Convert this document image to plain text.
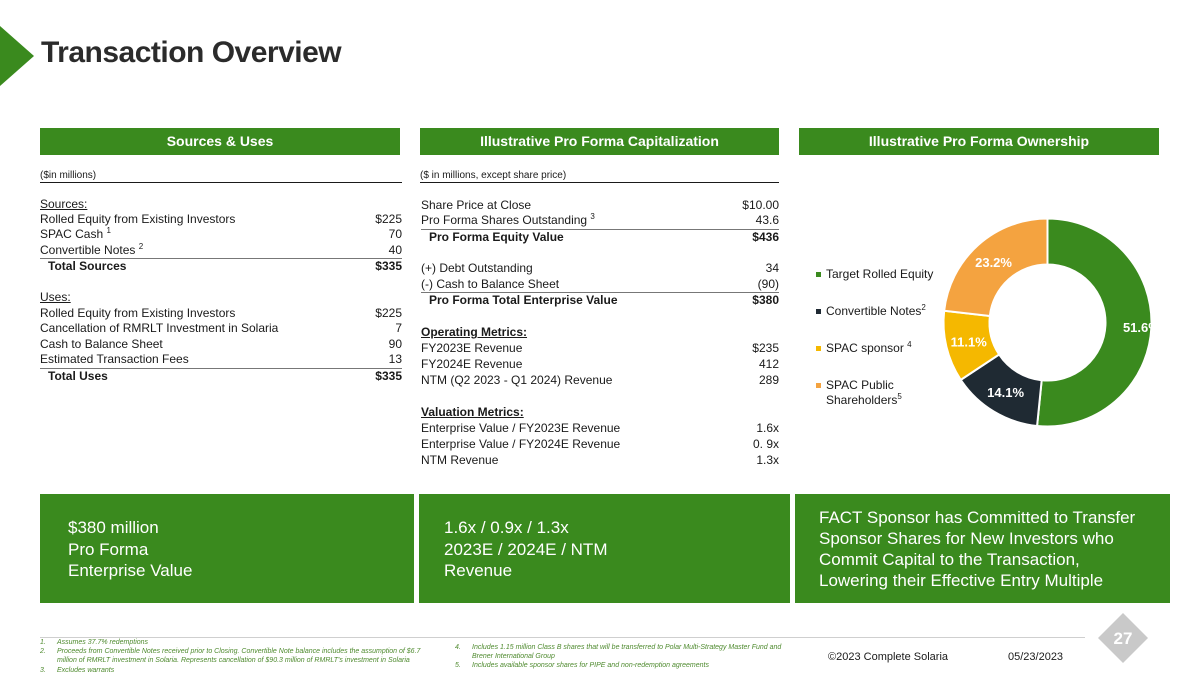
Transaction Overview
Sources & Uses	Illustrative Pro Forma Capitalization	Illustrative Pro Forma Ownership
($in millions)
Sources:
Rolled Equity from Existing Investors	$225
SPAC Cash $^1$	70
Convertible Notes $^2$	40
Total Sources	$335
Uses:
Rolled Equity from Existing Investors	$225
Cancellation of RMRLT Investment in Solaria	7
Cash to Balance Sheet	90
Estimated Transaction Fees	13
Total Uses	$335
($ in millions, except share price)
Share Price at Close	$10.00
Pro Forma Shares Outstanding $^3$	43.6
Pro Forma Equity Value	$436
(+) Debt Outstanding	34
(-) Cash to Balance Sheet	(90)
Pro Forma Total Enterprise Value	$380
Operating Metrics:
FY2023E Revenue	$235
FY2024E Revenue	412
NTM (Q2 2023 - Q1 2024) Revenue	289
Valuation Metrics:
Enterprise Value / FY2023E Revenue	1.6x
Enterprise Value / FY2024E Revenue	0. 9x
NTM Revenue	1.3x
Target Rolled Equity
Convertible Notes$^2$
SPAC sponsor $^4$
SPAC Public
Shareholders$^5$
51.6%
14.1%
11.1%
23.2%
$380 million
Pro Forma
Enterprise Value
1.6x / 0.9x / 1.3x
2023E / 2024E / NTM
Revenue
FACT Sponsor has Committed to Transfer
Sponsor Shares for New Investors who
Commit Capital to the Transaction,
Lowering their Effective Entry Multiple
1. Assumes 37.7% redemptions
2. Proceeds from Convertible Notes received prior to Closing. Convertible Note balance includes the assumption of $6.7
million of RMRLT investment in Solaria. Represents cancellation of $90.3 million of RMRLT's investment in Solaria
3. Excludes warrants
4. Includes 1.15 million Class B shares that will be transferred to Polar Multi-Strategy Master Fund and
Brener International Group
5. Includes available sponsor shares for PIPE and non-redemption agreements
©2023 Complete Solaria	05/23/2023
27
